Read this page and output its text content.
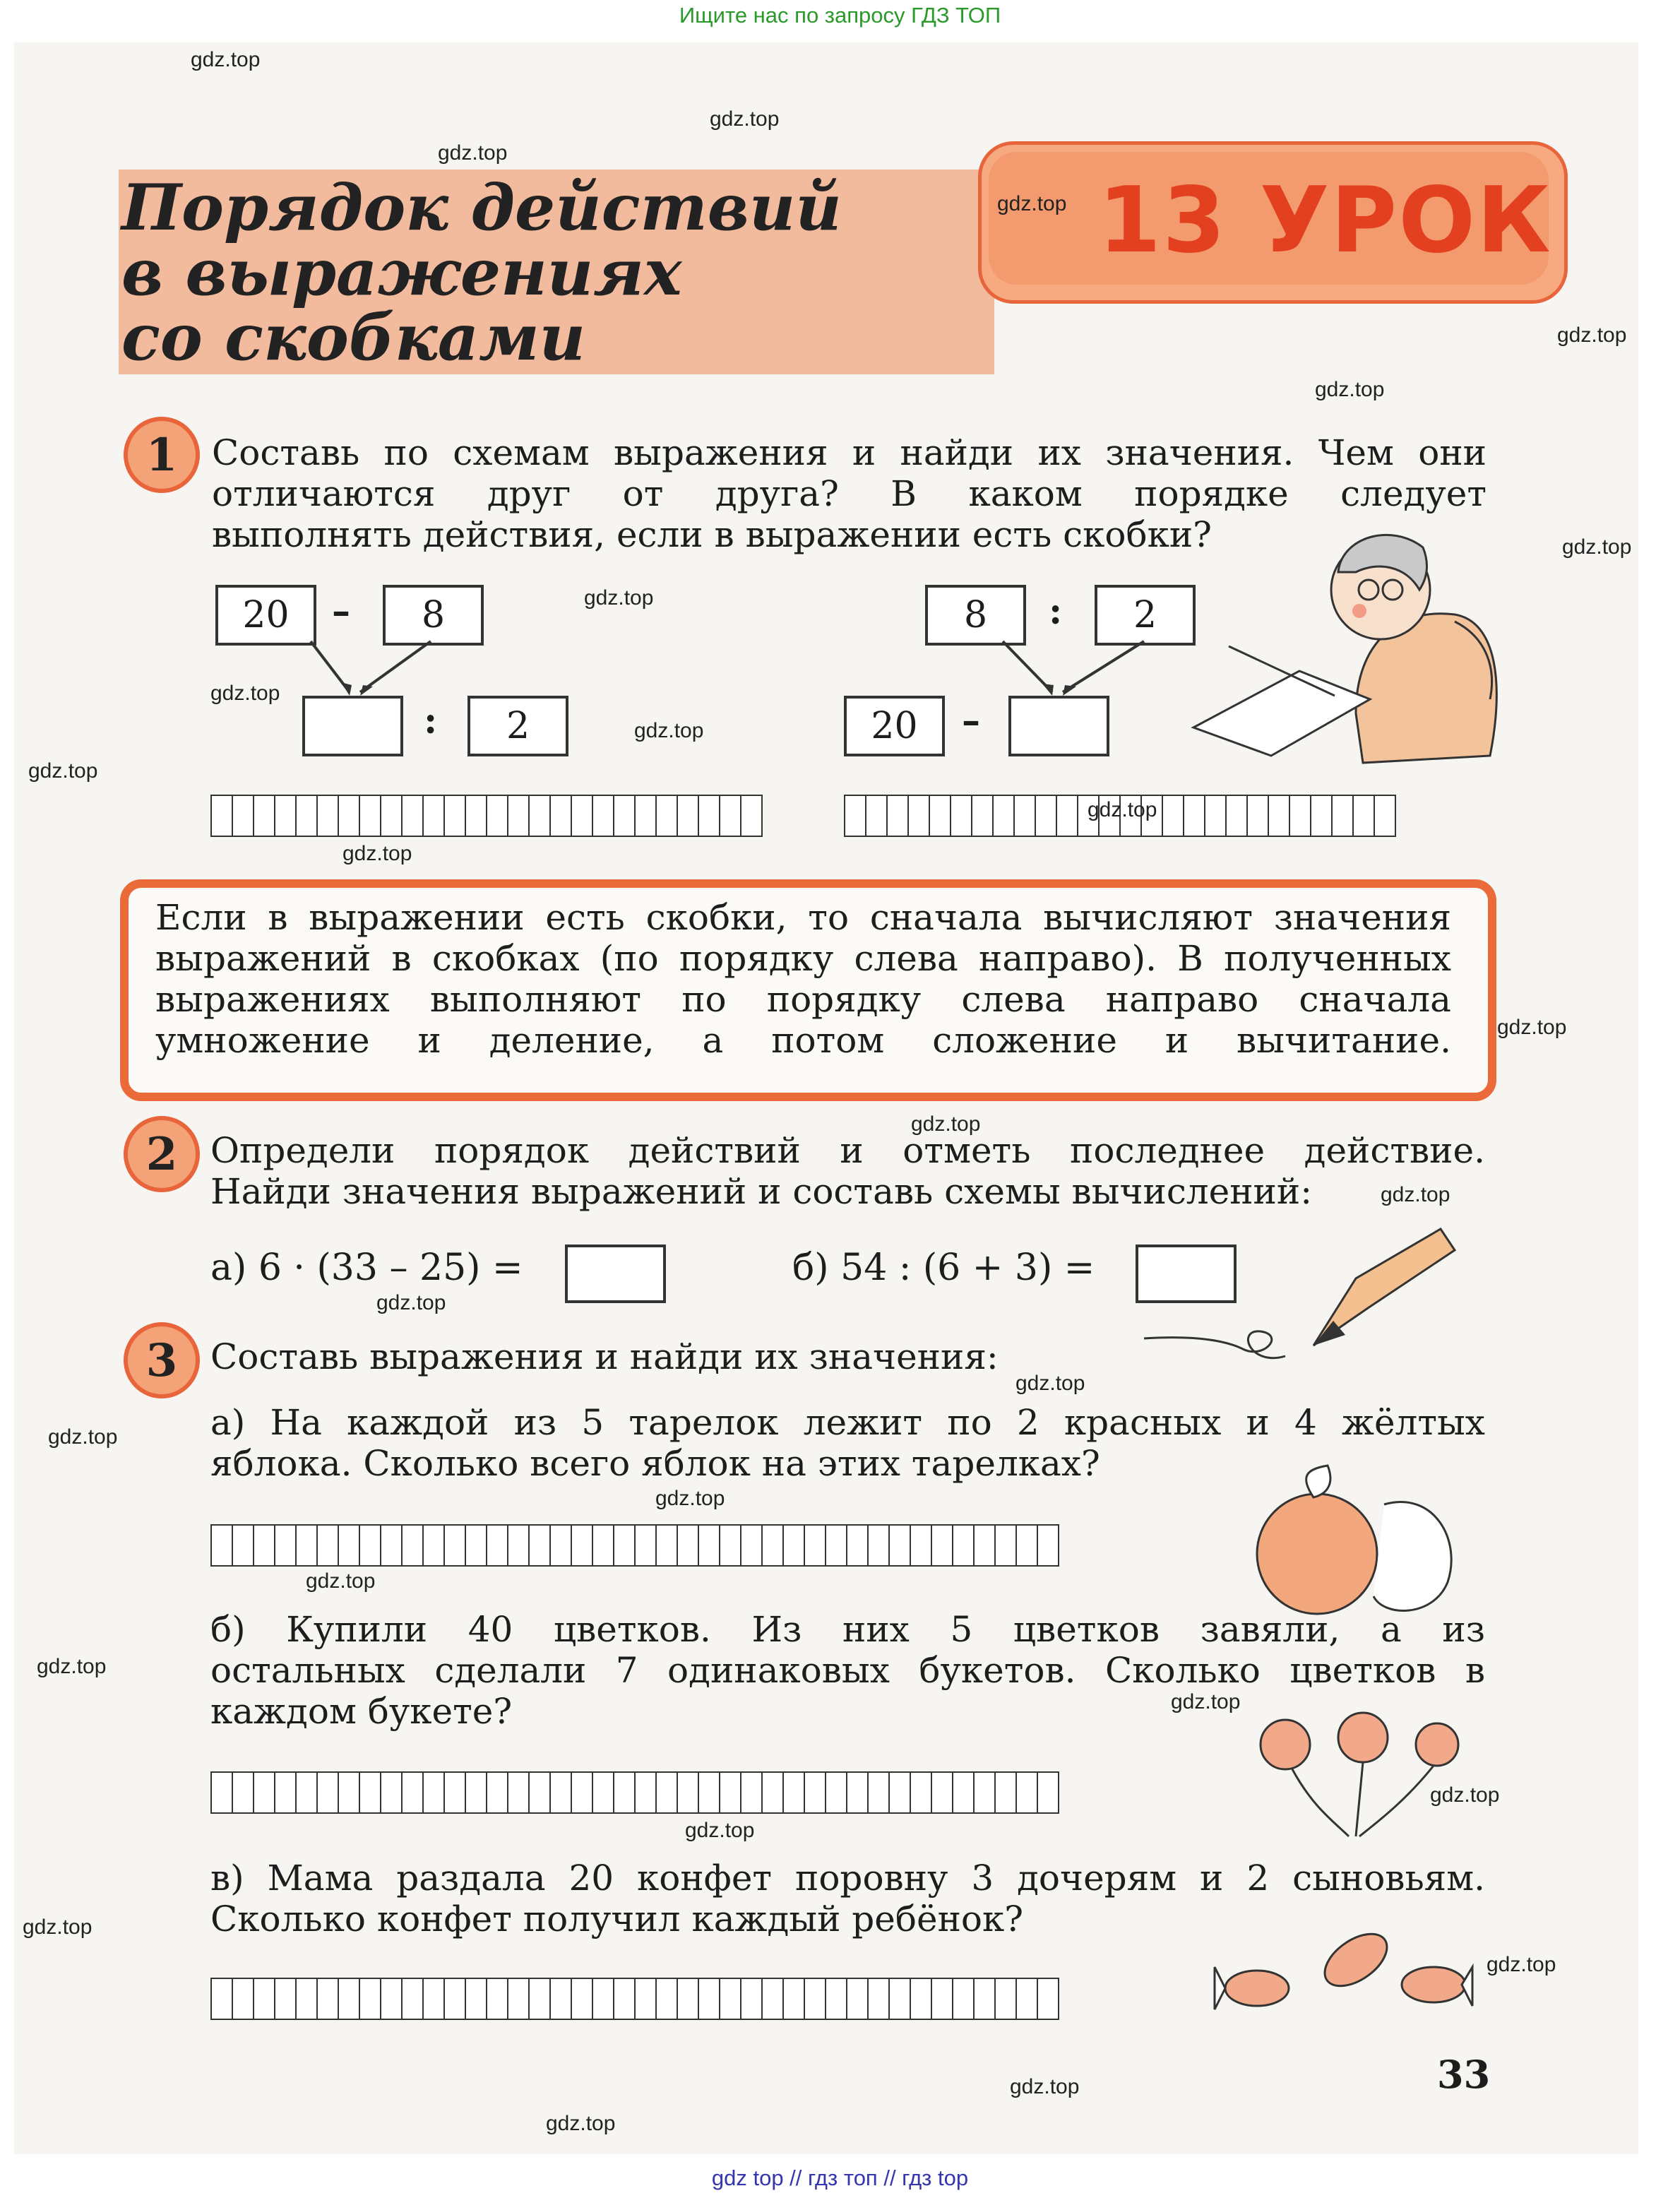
Ищите нас по запросу ГДЗ ТОП
Порядок действий
в выражениях
со скобками
13 УРОК
1 Составь по схемам выражения и найди их значения. Чем они
отличаются друг от друга? В каком порядке следует
выполнять действия, если в выражении есть скобки?
20	–	8
:	2
8	:	2
20	–
Если в выражении есть скобки, то сначала вычисляют значения
выражений в скобках (по порядку слева направо). В полученных
выражениях выполняют по порядку слева направо сначала
умножение и деление, а потом сложение и вычитание.
2 Определи порядок действий и отметь последнее действие.
Найди значения выражений и составь схемы вычислений:
а) 6 · (33 – 25) =	б) 54 : (6 + 3) =
3 Составь выражения и найди их значения:
а) На каждой из 5 тарелок лежит по 2 красных и 4 жёлтых
яблока. Сколько всего яблок на этих тарелках?
б) Купили 40 цветков. Из них 5 цветков завяли, а из
остальных сделали 7 одинаковых букетов. Сколько цветков в
каждом букете?
в) Мама раздала 20 конфет поровну 3 дочерям и 2 сыновьям.
Сколько конфет получил каждый ребёнок?
33
gdz.top
gdz.top
gdz.top
gdz.top
gdz.top
gdz.top
gdz.top
gdz.top
gdz.top
gdz.top
gdz.top
gdz.top
gdz.top
gdz.top
gdz.top
gdz.top
gdz.top
gdz.top
gdz.top
gdz.top
gdz.top
gdz.top
gdz.top
gdz.top
gdz.top
gdz.top
gdz.top
gdz.top
gdz.top
gdz top // гдз топ // гдз top
